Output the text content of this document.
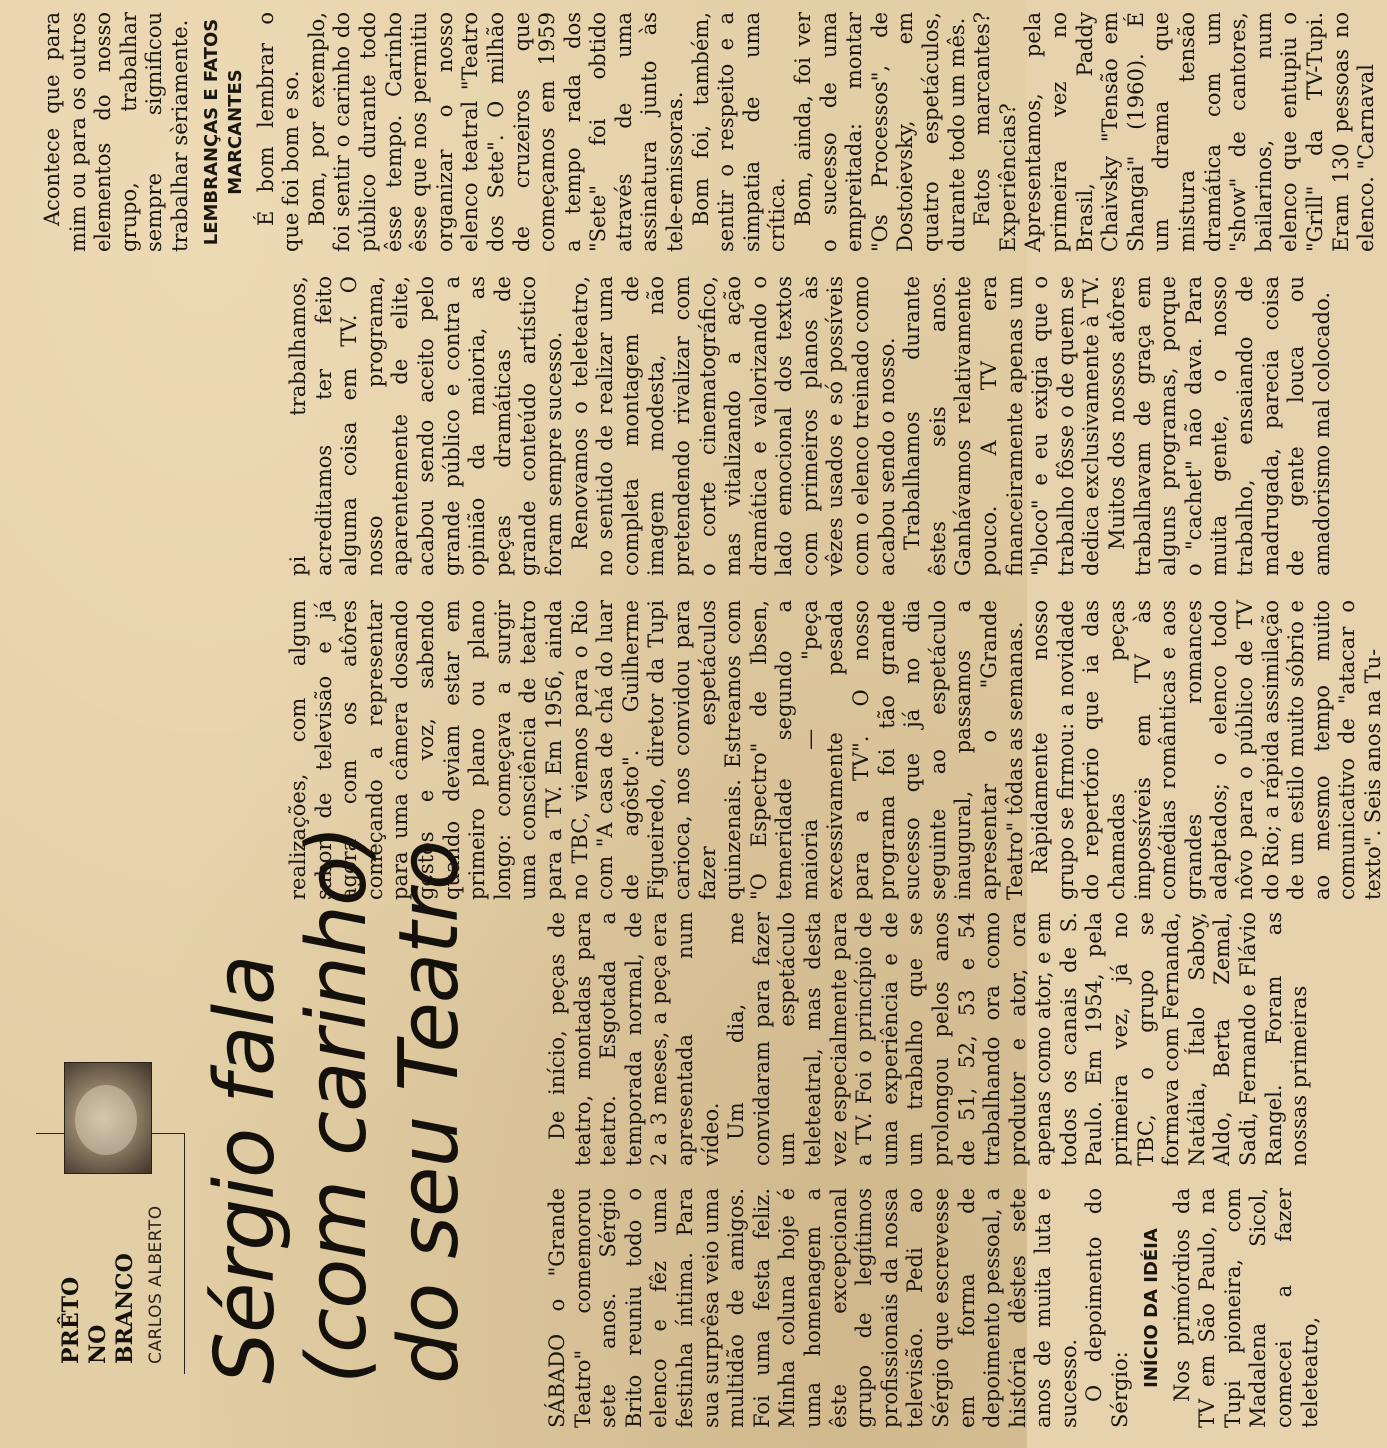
PRÊTO NO BRANCO CARLOS ALBERTO Sérgio fala
(com carinho)
do seu Teatro	SÁBADO o "Grande Teatro" comemorou sete anos. Sérgio Brito reuniu todo o elenco e fêz uma festinha íntima. Para sua surprêsa veio uma multidão de amigos. Foi uma festa feliz. Minha coluna hoje é uma homenagem a êste excepcional grupo de legítimos profissionais da nossa televisão. Pedi ao Sérgio que escrevesse em forma de depoimento pessoal, a história dêstes sete anos de muita luta e sucesso. O depoimento do Sérgio:

INÍCIO DA IDÉIA Nos primórdios da TV em São Paulo, na Tupi pioneira, com Madalena Sicol, comecei a fazer teleteatro,

De início, peças de teatro, montadas para teatro. Esgotada a temporada normal, de 2 a 3 meses, a peça era apresentada num vídeo. Um dia, me convidaram para fazer um espetáculo teleteatral, mas desta vez especialmente para a TV. Foi o princípio de uma experiência e de um trabalho que se prolongou pelos anos de 51, 52, 53 e 54 trabalhando ora como produtor e ator, ora apenas como ator, e em todos os canais de S. Paulo. Em 1954, pela primeira vez, já no TBC, o grupo se formava com Fernanda, Natália, Ítalo Saboy, Aldo, Berta Zemal, Sadi, Fernando e Flávio Rangel. Foram as nossas primeiras

realizações, com algum sabor de televisão e já agora com os atôres começando a representar para uma câmera dosando gestos e voz, sabendo quando deviam estar em primeiro plano ou plano longo: começava a surgir uma consciência de teatro para a TV. Em 1956, ainda no TBC, viemos para o Rio com "A casa de chá do luar de agôsto". Guilherme Figueiredo, diretor da Tupi carioca, nos convidou para fazer espetáculos quinzenais. Estreamos com "O Espectro" de Ibsen, temeridade segundo a maioria — "peça excessivamente pesada para a TV". O nosso programa foi tão grande sucesso que já no dia seguinte ao espetáculo inaugural, passamos a apresentar o "Grande Teatro" tôdas as semanas. Ràpidamente nosso grupo se firmou: a novidade do repertório que ia das chamadas peças impossíveis em TV às comédias românticas e aos grandes romances adaptados; o elenco todo nôvo para o público de TV do Rio; a rápida assimilação de um estilo muito sóbrio e ao mesmo tempo muito comunicativo de "atacar o texto". Seis anos na Tu-

pi trabalhamos, acreditamos ter feito alguma coisa em TV. O nosso programa, aparentemente de elite, acabou sendo aceito pelo grande público e contra a opinião da maioria, as peças dramáticas de grande conteúdo artístico foram sempre sucesso. Renovamos o teleteatro, no sentido de realizar uma completa montagem de imagem modesta, não pretendendo rivalizar com o corte cinematográfico, mas vitalizando a ação dramática e valorizando o lado emocional dos textos com primeiros planos às vêzes usados e só possíveis com o elenco treinado como acabou sendo o nosso. Trabalhamos durante êstes seis anos. Ganhávamos relativamente pouco. A TV era financeiramente apenas um "bloco" e eu exigia que o trabalho fôsse o de quem se dedica exclusivamente à TV. Muitos dos nossos atôres trabalhavam de graça em alguns programas, porque o "cachet" não dava. Para muita gente, o nosso trabalho, ensaiando de madrugada, parecia coisa de gente louca ou amadorismo mal colocado.

Acontece que para mim ou para os outros elementos do nosso grupo, trabalhar sempre significou trabalhar sèriamente. LEMBRANÇAS E FATOS MARCANTES É bom lembrar o que foi bom e so. Bom, por exemplo, foi sentir o carinho do público durante todo êsse tempo. Carinho êsse que nos permitiu organizar o nosso elenco teatral "Teatro dos Sete". O milhão de cruzeiros que começamos em 1959 a tempo rada dos "Sete" foi obtido através de uma assinatura junto às tele-emissoras. Bom foi, também, sentir o respeito e a simpatia de uma crítica. Bom, ainda, foi ver o sucesso de uma empreitada: montar "Os Processos", de Dostoievsky, em quatro espetáculos, durante todo um mês. Fatos marcantes? Experiências? Apresentamos, pela primeira vez no Brasil, Paddy Chaivsky "Tensão em Shangai" (1960). É um drama que mistura tensão dramática com um "show" de cantores, bailarinos, num elenco que entupiu o "Grill" da TV-Tupi. Eram 130 pessoas no elenco. "Carnaval
